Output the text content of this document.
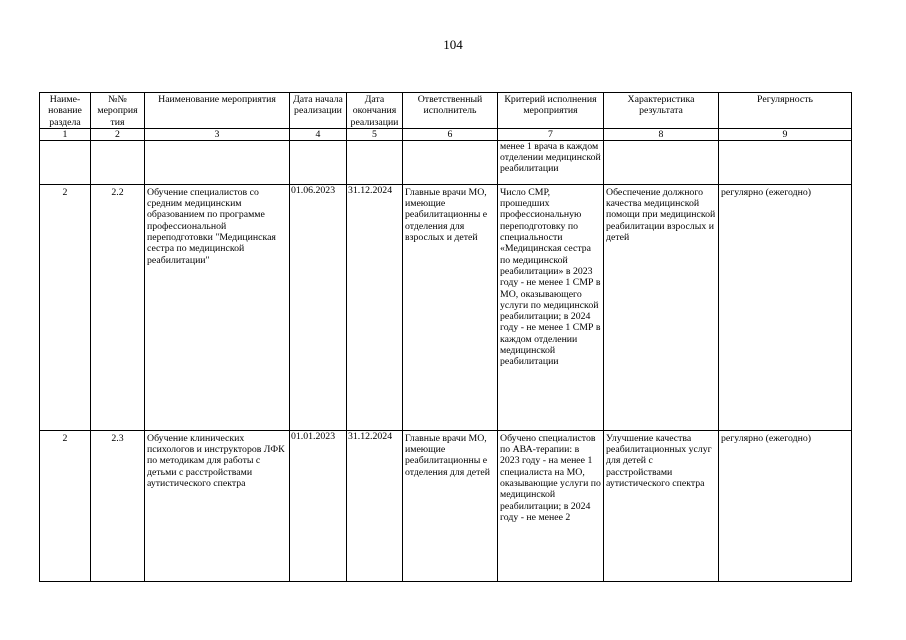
104
Наиме-нование раздела	№№ мероприя тия	Наименование мероприятия	Дата начала реализации	Дата окончания реализации	Ответственный исполнитель	Критерий исполнения мероприятия	Характеристика результата	Регулярность
1	2	3	4	5	6	7	8	9
						менее 1 врача в каждом отделении медицинской реабилитации		
2	2.2	Обучение специалистов со средним медицинским образованием по программе профессиональной переподготовки "Медицинская сестра по медицинской реабилитации"	01.06.2023	31.12.2024	Главные врачи МО, имеющие реабилитационны е отделения для взрослых и детей	Число СМР, прошедших профессиональную переподготовку по специальности «Медицинская сестра по медицинской реабилитации» в 2023 году - не менее 1 СМР в МО, оказывающего услуги по медицинской реабилитации; в 2024 году - не менее 1 СМР в каждом отделении медицинской реабилитации	Обеспечение должного качества медицинской помощи при медицинской реабилитации взрослых и детей	регулярно (ежегодно)
2	2.3	Обучение клинических психологов и инструкторов ЛФК по методикам для работы с детьми с расстройствами аутистического спектра	01.01.2023	31.12.2024	Главные врачи МО, имеющие реабилитационны е отделения для детей	Обучено специалистов по АВА-терапии: в 2023 году - на менее 1 специалиста на МО, оказывающие услуги по медицинской реабилитации; в 2024 году - не менее 2	Улучшение качества реабилитационных услуг для детей с расстройствами аутистического спектра	регулярно (ежегодно)
